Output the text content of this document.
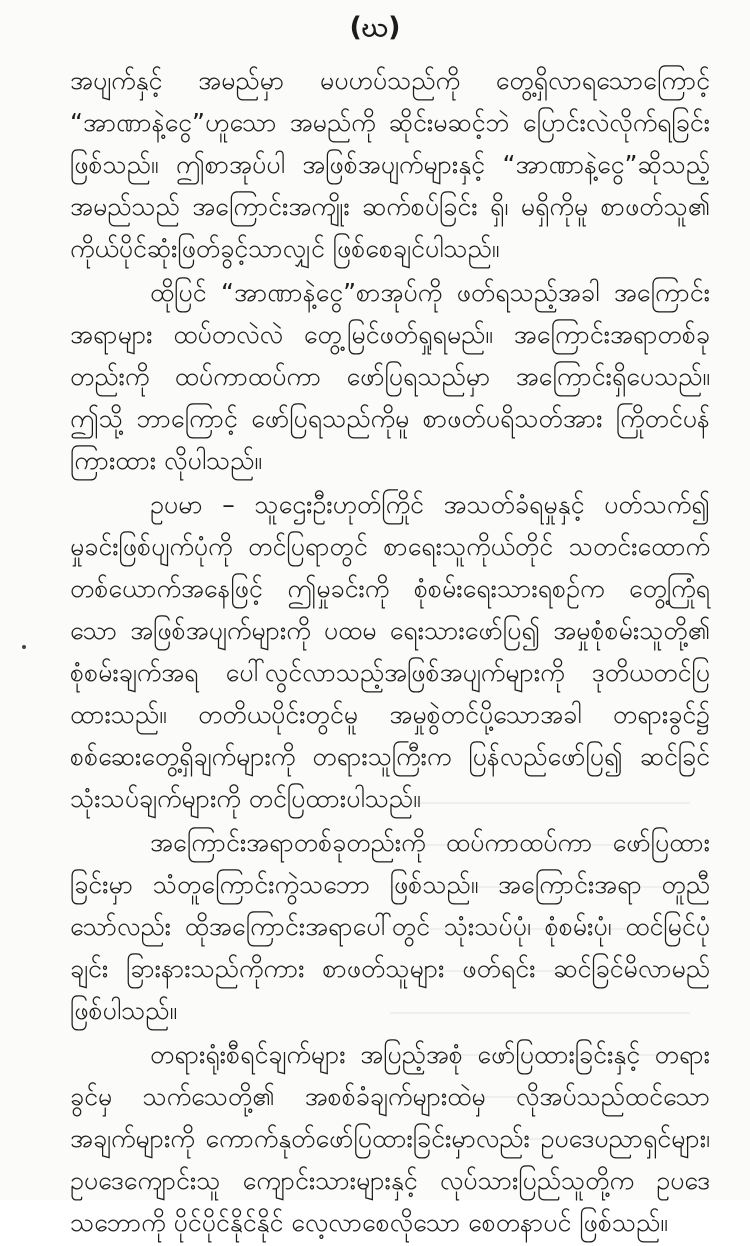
(ဃ)

အပျက်နှင့် အမည်မှာ မပဟပ်သည်ကို တွေ့ရှိလာရသောကြောင့် “အာဏာနဲ့ငွေ”ဟူသော အမည်ကို ဆိုင်းမဆင့်ဘဲ ပြောင်းလဲလိုက်ရခြင်း ဖြစ်သည်။ ဤစာအုပ်ပါ အဖြစ်အပျက်များနှင့် “အာဏာနဲ့ငွေ”ဆိုသည့် အမည်သည် အကြောင်းအကျိုး ဆက်စပ်ခြင်း ရှိ၊ မရှိကိုမူ စာဖတ်သူ၏ ကိုယ်ပိုင်ဆုံးဖြတ်ခွင့်သာလျှင် ဖြစ်စေချင်ပါသည်။

ထိုပြင် “အာဏာနဲ့ငွေ”စာအုပ်ကို ဖတ်ရသည့်အခါ အကြောင်း အရာများ ထပ်တလဲလဲ တွေ့မြင်ဖတ်ရှုရမည်။ အကြောင်းအရာတစ်ခု တည်းကို ထပ်ကာထပ်ကာ ဖော်ပြရသည်မှာ အကြောင်းရှိပေသည်။ ဤသို့ ဘာကြောင့် ဖော်ပြရသည်ကိုမူ စာဖတ်ပရိသတ်အား ကြိုတင်ပန် ကြားထား လိုပါသည်။

ဥပမာ – သူဌေးဦးဟုတ်ကြိုင် အသတ်ခံရမှုနှင့် ပတ်သက်၍ မှုခင်းဖြစ်ပျက်ပုံကို တင်ပြရာတွင် စာရေးသူကိုယ်တိုင် သတင်းထောက် တစ်ယောက်အနေဖြင့် ဤမှုခင်းကို စုံစမ်းရေးသားရစဉ်က တွေ့ကြုံရ သော အဖြစ်အပျက်များကို ပထမ ရေးသားဖော်ပြ၍ အမှုစုံစမ်းသူတို့၏ စုံစမ်းချက်အရ ပေါ်လွင်လာသည့်အဖြစ်အပျက်များကို ဒုတိယတင်ပြ ထားသည်။ တတိယပိုင်းတွင်မူ အမှုစွဲတင်ပို့သောအခါ တရားခွင်၌ စစ်ဆေးတွေ့ရှိချက်များကို တရားသူကြီးက ပြန်လည်ဖော်ပြ၍ ဆင်ခြင် သုံးသပ်ချက်များကို တင်ပြထားပါသည်။

အကြောင်းအရာတစ်ခုတည်းကို ထပ်ကာထပ်ကာ ဖော်ပြထား ခြင်းမှာ သံတူကြောင်းကွဲသဘော ဖြစ်သည်။ အကြောင်းအရာ တူညီ သော်လည်း ထိုအကြောင်းအရာပေါ်တွင် သုံးသပ်ပုံ၊ စုံစမ်းပုံ၊ ထင်မြင်ပုံ ချင်း ခြားနားသည်ကိုကား စာဖတ်သူများ ဖတ်ရင်း ဆင်ခြင်မိလာမည် ဖြစ်ပါသည်။

တရားရုံးစီရင်ချက်များ အပြည့်အစုံ ဖော်ပြထားခြင်းနှင့် တရား ခွင်မှ သက်သေတို့၏ အစစ်ခံချက်များထဲမှ လိုအပ်သည်ထင်သော အချက်များကို ကောက်နုတ်ဖော်ပြထားခြင်းမှာလည်း ဥပဒေပညာရှင်များ၊ ဥပဒေကျောင်းသူ ကျောင်းသားများနှင့် လုပ်သားပြည်သူတို့က ဥပဒေ သဘောကို ပိုင်ပိုင်နိုင်နိုင် လေ့လာစေလိုသော စေတနာပင် ဖြစ်သည်။
